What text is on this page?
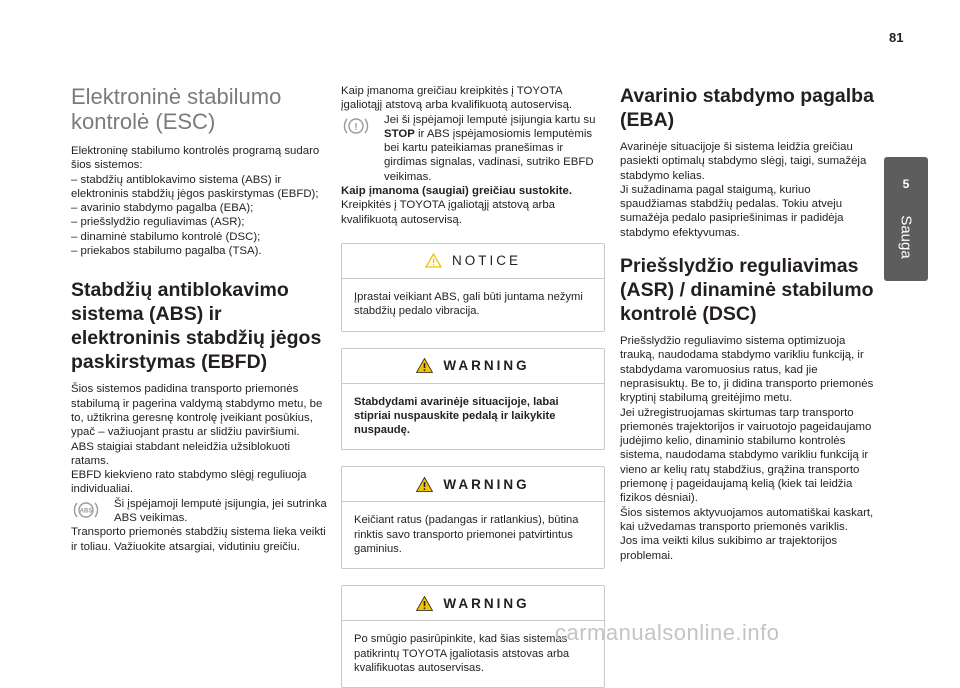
81
5
Sauga
Elektroninė stabilumo
kontrolė (ESC)

Elektroninę stabilumo kontrolės programą sudaro šios sistemos:

– stabdžių antiblokavimo sistema (ABS) ir elektroninis stabdžių jėgos paskirstymas (EBFD);

– avarinio stabdymo pagalba (EBA);

– priešslydžio reguliavimas (ASR);

– dinaminė stabilumo kontrolė (DSC);

– priekabos stabilumo pagalba (TSA).

Stabdžių antiblokavimo sistema (ABS) ir elektroninis stabdžių jėgos paskirstymas (EBFD)

Šios sistemos padidina transporto priemonės stabilumą ir pagerina valdymą stabdymo metu, be to, užtikrina geresnę kontrolę įveikiant posūkius, ypač – važiuojant prastu ar slidžiu paviršiumi.

ABS staigiai stabdant neleidžia užsiblokuoti ratams.

EBFD kiekvieno rato stabdymo slėgį reguliuoja individualiai.

ABS
Ši įspėjamoji lemputė įsijungia, jei sutrinka ABS veikimas.

Transporto priemonės stabdžių sistema lieka veikti ir toliau. Važiuokite atsargiai, vidutiniu greičiu.

Kaip įmanoma greičiau kreipkitės į TOYOTA įgaliotąjį atstovą arba kvalifikuotą autoservisą.

!
Jei ši įspėjamoji lemputė įsijungia kartu su STOP ir ABS įspėjamosiomis lemputėmis bei kartu pateikiamas pranešimas ir girdimas signalas, vadinasi, sutriko EBFD veikimas.

Kaip įmanoma (saugiai) greičiau sustokite.

Kreipkitės į TOYOTA įgaliotąjį atstovą arba kvalifikuotą autoservisą.

NOTICE
Įprastai veikiant ABS, gali būti juntama nežymi stabdžių pedalo vibracija.
WARNING
Stabdydami avarinėje situacijoje, labai stipriai nuspauskite pedalą ir laikykite nuspaudę.
WARNING
Keičiant ratus (padangas ir ratlankius), būtina rinktis savo transporto priemonei patvirtintus gaminius.
WARNING
Po smūgio pasirūpinkite, kad šias sistemas patikrintų TOYOTA įgaliotasis atstovas arba kvalifikuotas autoservisas.
Avarinio stabdymo pagalba (EBA)

Avarinėje situacijoje ši sistema leidžia greičiau pasiekti optimalų stabdymo slėgį, taigi, sumažėja stabdymo kelias.

Ji sužadinama pagal staigumą, kuriuo spaudžiamas stabdžių pedalas. Tokiu atveju sumažėja pedalo pasipriešinimas ir padidėja stabdymo efektyvumas.

Priešslydžio reguliavimas (ASR) / dinaminė stabilumo kontrolė (DSC)

Priešslydžio reguliavimo sistema optimizuoja trauką, naudodama stabdymo varikliu funkciją, ir stabdydama varomuosius ratus, kad jie neprasisuktų. Be to, ji didina transporto priemonės kryptinį stabilumą greitėjimo metu.

Jei užregistruojamas skirtumas tarp transporto priemonės trajektorijos ir vairuotojo pageidaujamo judėjimo kelio, dinaminio stabilumo kontrolės sistema, naudodama stabdymo varikliu funkciją ir vieno ar kelių ratų stabdžius, grąžina transporto priemonę į pageidaujamą kelią (kiek tai leidžia fizikos dėsniai).

Šios sistemos aktyvuojamos automatiškai kaskart, kai užvedamas transporto priemonės variklis.

Jos ima veikti kilus sukibimo ar trajektorijos problemai.

carmanualsonline.info
